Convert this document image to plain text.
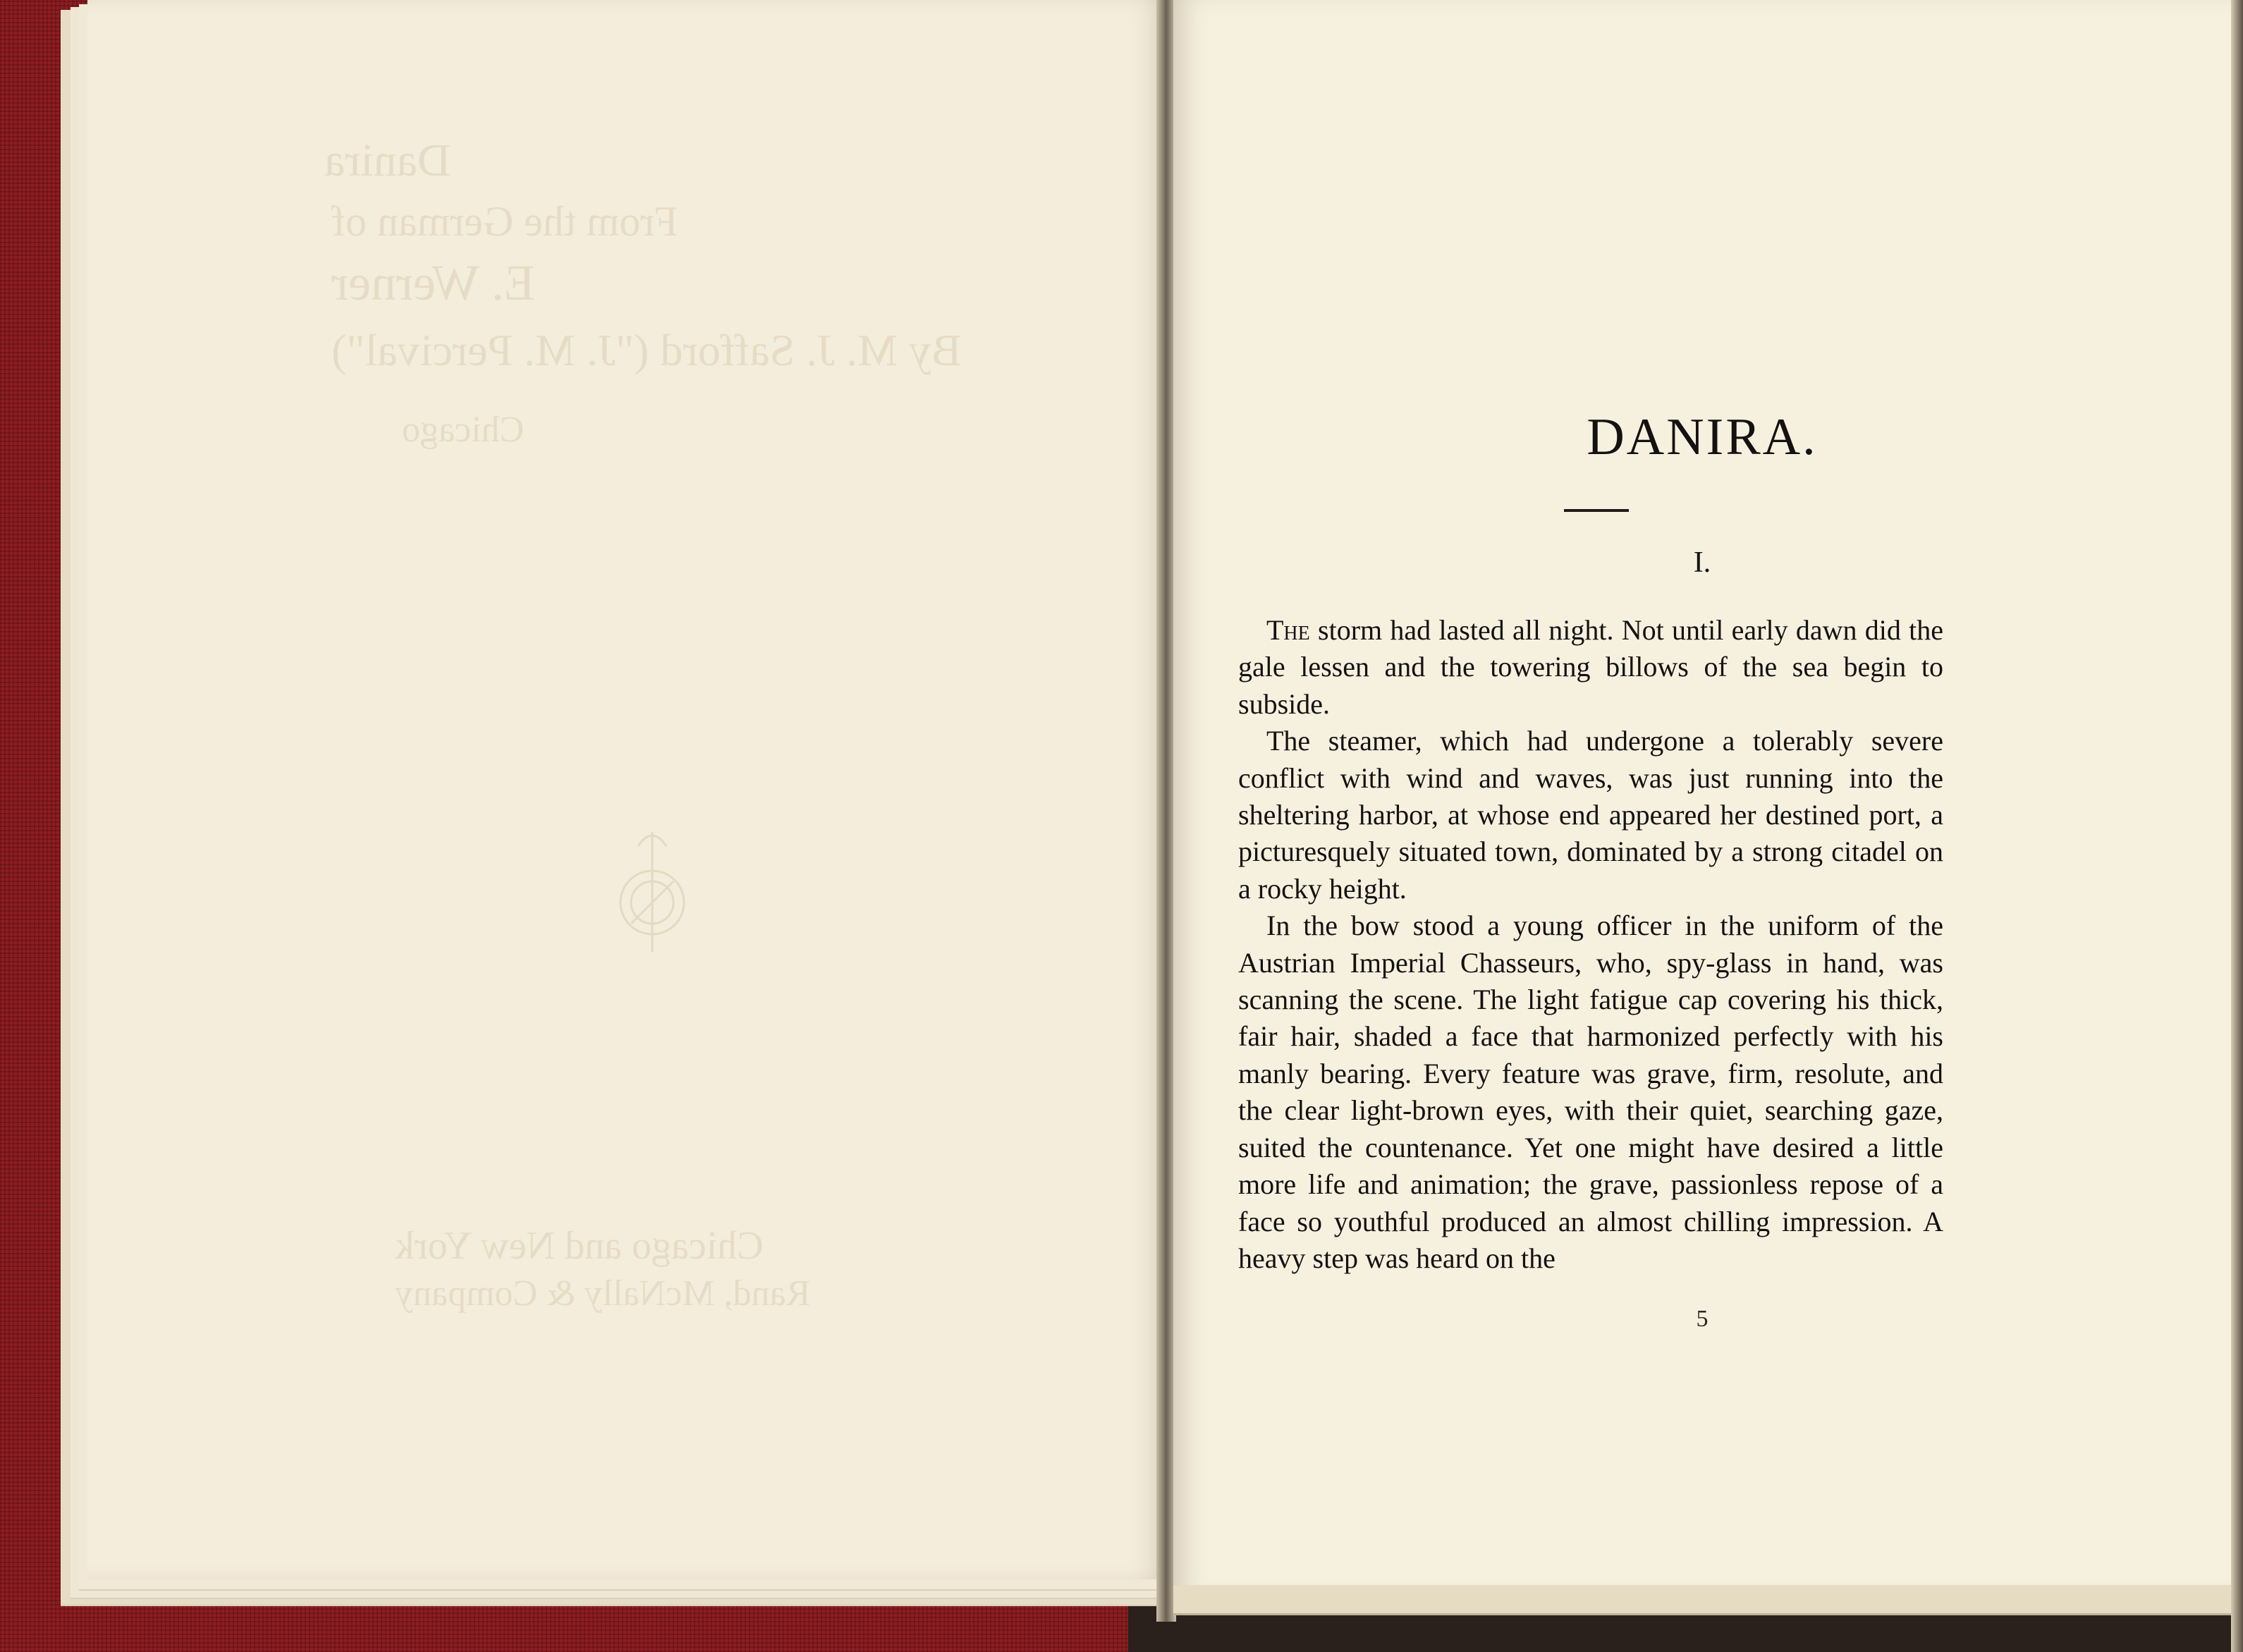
Danira
From the German of
E. Werner
By M. J. Safford ("J. M. Percival")
Chicago
Chicago and New York
Rand, McNally & Company
DANIRA.
I.

The storm had lasted all night. Not until early dawn did the gale lessen and the towering billows of the sea begin to subside.

The steamer, which had undergone a tolerably severe conflict with wind and waves, was just running into the sheltering harbor, at whose end appeared her destined port, a picturesquely situated town, dominated by a strong citadel on a rocky height.

In the bow stood a young officer in the uniform of the Austrian Imperial Chasseurs, who, spy-glass in hand, was scanning the scene. The light fatigue cap covering his thick, fair hair, shaded a face that harmonized perfectly with his manly bearing. Every feature was grave, firm, resolute, and the clear light-brown eyes, with their quiet, searching gaze, suited the countenance. Yet one might have desired a little more life and animation; the grave, passionless repose of a face so youthful produced an almost chilling impression. A heavy step was heard on the

5
